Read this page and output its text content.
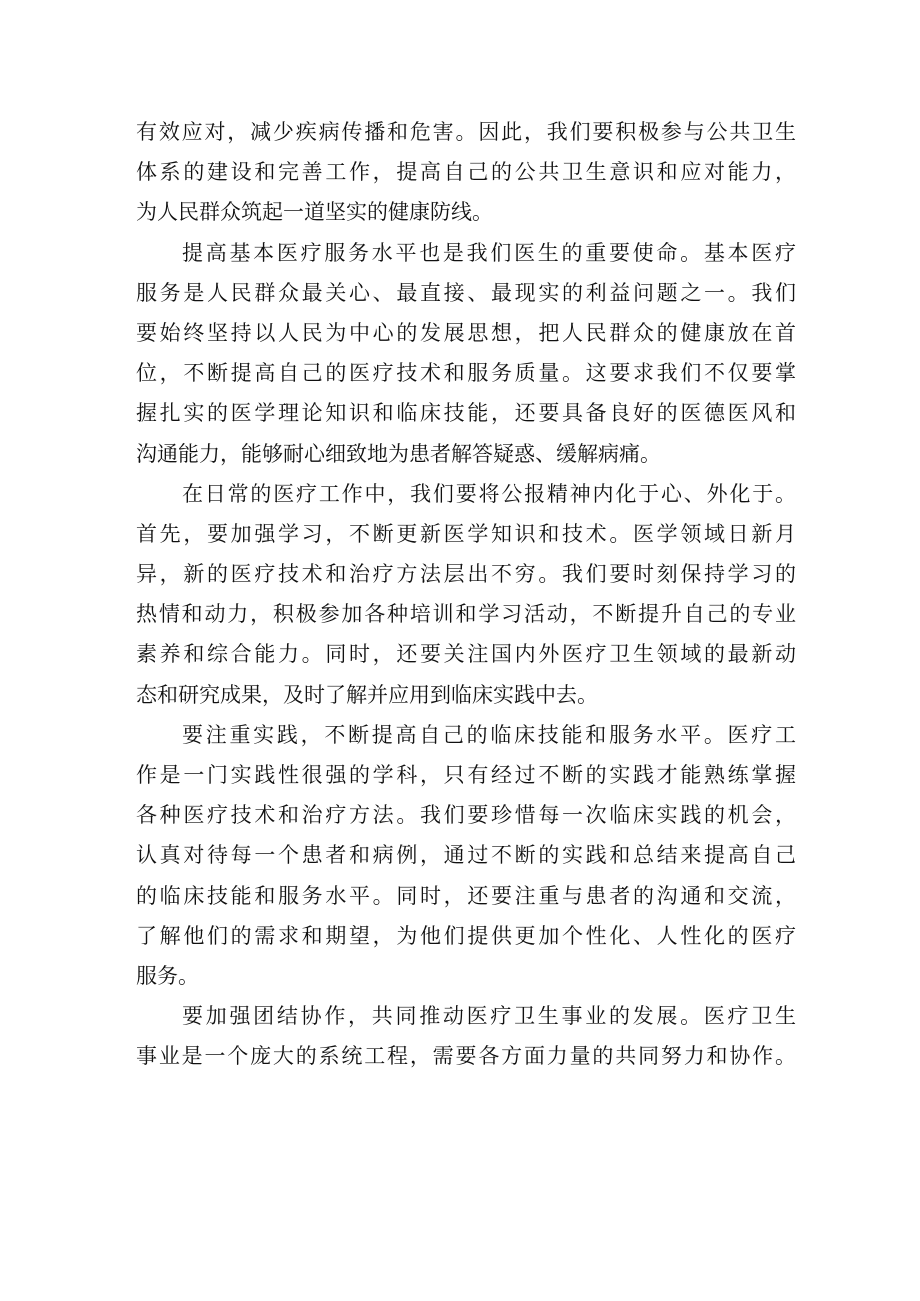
有效应对，减少疾病传播和危害。因此，我们要积极参与公共卫生
体系的建设和完善工作，提高自己的公共卫生意识和应对能力，
为人民群众筑起一道坚实的健康防线。
提高基本医疗服务水平也是我们医生的重要使命。基本医疗
服务是人民群众最关心、最直接、最现实的利益问题之一。我们
要始终坚持以人民为中心的发展思想，把人民群众的健康放在首
位，不断提高自己的医疗技术和服务质量。这要求我们不仅要掌
握扎实的医学理论知识和临床技能，还要具备良好的医德医风和
沟通能力，能够耐心细致地为患者解答疑惑、缓解病痛。
在日常的医疗工作中，我们要将公报精神内化于心、外化于。
首先，要加强学习，不断更新医学知识和技术。医学领域日新月
异，新的医疗技术和治疗方法层出不穷。我们要时刻保持学习的
热情和动力，积极参加各种培训和学习活动，不断提升自己的专业
素养和综合能力。同时，还要关注国内外医疗卫生领域的最新动
态和研究成果，及时了解并应用到临床实践中去。
要注重实践，不断提高自己的临床技能和服务水平。医疗工
作是一门实践性很强的学科，只有经过不断的实践才能熟练掌握
各种医疗技术和治疗方法。我们要珍惜每一次临床实践的机会，
认真对待每一个患者和病例，通过不断的实践和总结来提高自己
的临床技能和服务水平。同时，还要注重与患者的沟通和交流，
了解他们的需求和期望，为他们提供更加个性化、人性化的医疗
服务。
要加强团结协作，共同推动医疗卫生事业的发展。医疗卫生
事业是一个庞大的系统工程，需要各方面力量的共同努力和协作。
